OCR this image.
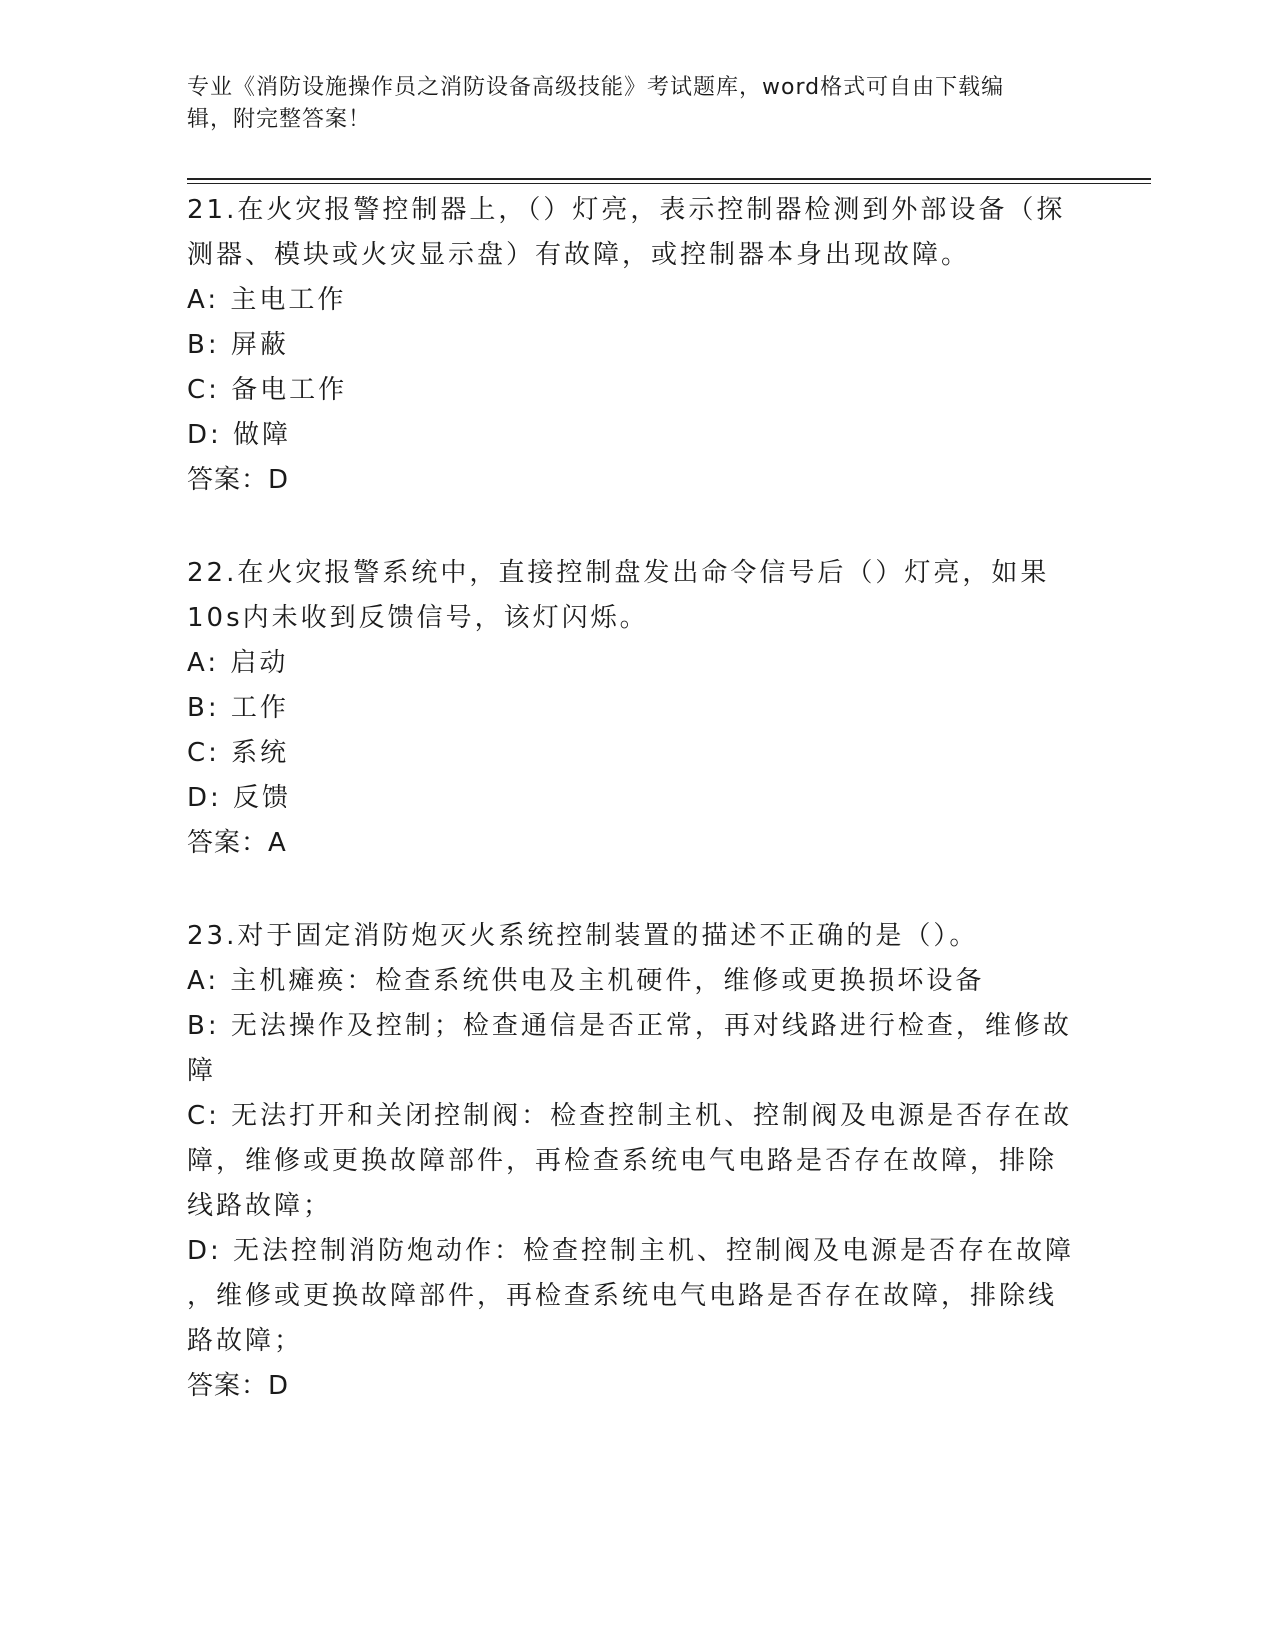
专业《消防设施操作员之消防设备高级技能》考试题库，word格式可自由下载编
辑，附完整答案！

21.在火灾报警控制器上，（）灯亮，表示控制器检测到外部设备（探
测器、模块或火灾显示盘）有故障，或控制器本身出现故障。

A: 主电工作

B: 屏蔽

C: 备电工作

D: 做障

答案：D

22.在火灾报警系统中，直接控制盘发出命令信号后（）灯亮，如果
10s内未收到反馈信号，该灯闪烁。

A: 启动

B: 工作

C: 系统

D: 反馈

答案：A

23.对于固定消防炮灭火系统控制装置的描述不正确的是（）。

A: 主机瘫痪：检查系统供电及主机硬件，维修或更换损坏设备

B: 无法操作及控制；检查通信是否正常，再对线路进行检查，维修故
障

C: 无法打开和关闭控制阀：检查控制主机、控制阀及电源是否存在故
障，维修或更换故障部件，再检查系统电气电路是否存在故障，排除
线路故障；

D: 无法控制消防炮动作：检查控制主机、控制阀及电源是否存在故障
，维修或更换故障部件，再检查系统电气电路是否存在故障，排除线
路故障；

答案：D
